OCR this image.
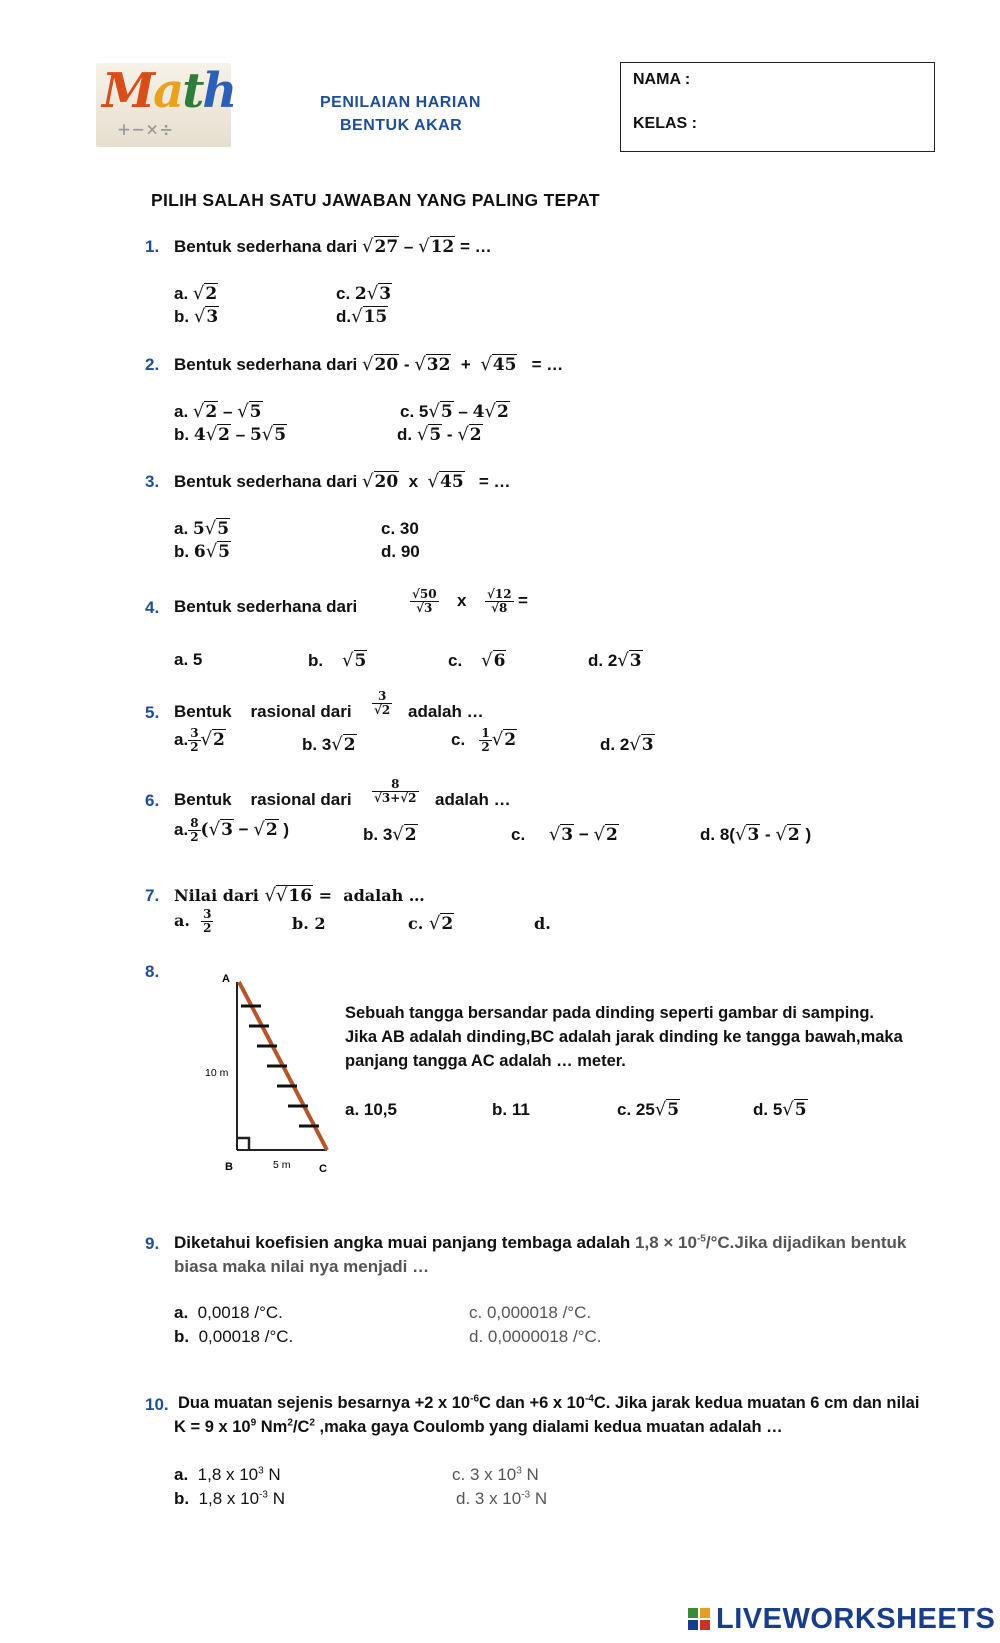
Math
+−×÷
PENILAIAN HARIAN
BENTUK AKAR
NAMA :
KELAS :
PILIH SALAH SATU JAWABAN YANG PALING TEPAT
1. Bentuk sederhana dari √27 – √12 = …
a. √2
b. √3
c. 2√3
d.√15
2. Bentuk sederhana dari √20 - √32 + √45 = …
a. √2 – √5
b. 4√2 – 5√5
c. 5√5 – 4√2
d. √5 - √2
3. Bentuk sederhana dari √20 x √45 = …
a. 5√5
b. 6√5
c. 30
d. 90
4. Bentuk sederhana dari	$\frac{√50}{√3}$ x $\frac{√12}{√8}$ =
a. 5	b. √5	c. √6	d. 2√3
5. Bentuk    rasional dari $\frac{3}{√2}$ adalah …
a. $\frac{3}{2} √2$	b. 3√2	c. $\frac{1}{2} √2$	d. 2√3
6. Bentuk    rasional dari $\frac{8}{√3+√2}$ adalah …
a. $\frac{8}{2} (√3 - √2$ )	b. 3√2	c. √3 − √2	d. 8(√3 - √2 )
7. Nilai dari √√16 = adalah …
a. $\frac{3}{2}$	b. 2	c. √2	d.
8.	A
B	C
10 m
5 m
Sebuah tangga bersandar pada dinding seperti gambar di samping.
Jika AB adalah dinding,BC adalah jarak dinding ke tangga bawah,maka
panjang tangga AC adalah … meter.
a. 10,5	b. 11	c. 25√5	d. 5√5
9. Diketahui koefisien angka muai panjang tembaga adalah $1,8 \times 10^{-5}/^\circ C.Jika$ dijadikan bentuk
biasa maka nilai nya menjadi …
a. 0,0018 /°C.
b. 0,00018 /°C.
c. 0,000018 /°C.
d. 0,0000018 /°C.
10. Dua muatan sejenis besarnya +2 x $10^{-6}C$ dan +6 x $10^{-4}C$. Jika jarak kedua muatan 6 cm dan nilai
K = 9 x $10^9$ $Nm^2/C^2$ ,maka gaya Coulomb yang dialami kedua muatan adalah …
a. 1,8 x $10^3$ N
b. 1,8 x $10^{-3}$ N
c. 3 x $10^3$ N
d. 3 x $10^{-3}$ N
LIVEWORKSHEETS
